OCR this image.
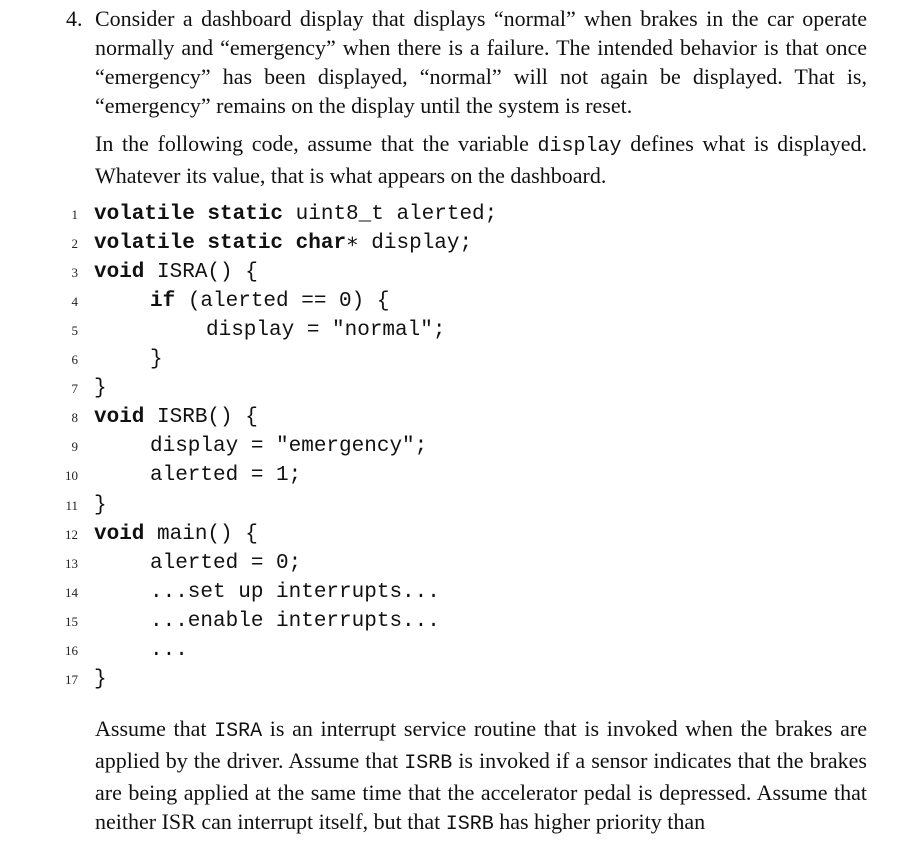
4. Consider a dashboard display that displays “normal” when brakes in the car operate normally and “emergency” when there is a failure. The intended behavior is that once “emergency” has been displayed, “normal” will not again be displayed. That is, “emergency” remains on the display until the system is reset.
In the following code, assume that the variable display defines what is displayed. Whatever its value, that is what appears on the dashboard.
1 volatile static uint8_t alerted;
2 volatile static char∗ display;
3 void ISRA() {
4	if (alerted == 0) {
5	display = "normal";
6	}
7 }
8 void ISRB() {
9	display = "emergency";
10	alerted = 1;
11 }
12 void main() {
13	alerted = 0;
14	...set up interrupts...
15	...enable interrupts...
16	...
17 }
Assume that ISRA is an interrupt service routine that is invoked when the brakes are applied by the driver. Assume that ISRB is invoked if a sensor indicates that the brakes are being applied at the same time that the accelerator pedal is depressed. Assume that neither ISR can interrupt itself, but that ISRB has higher priority than
